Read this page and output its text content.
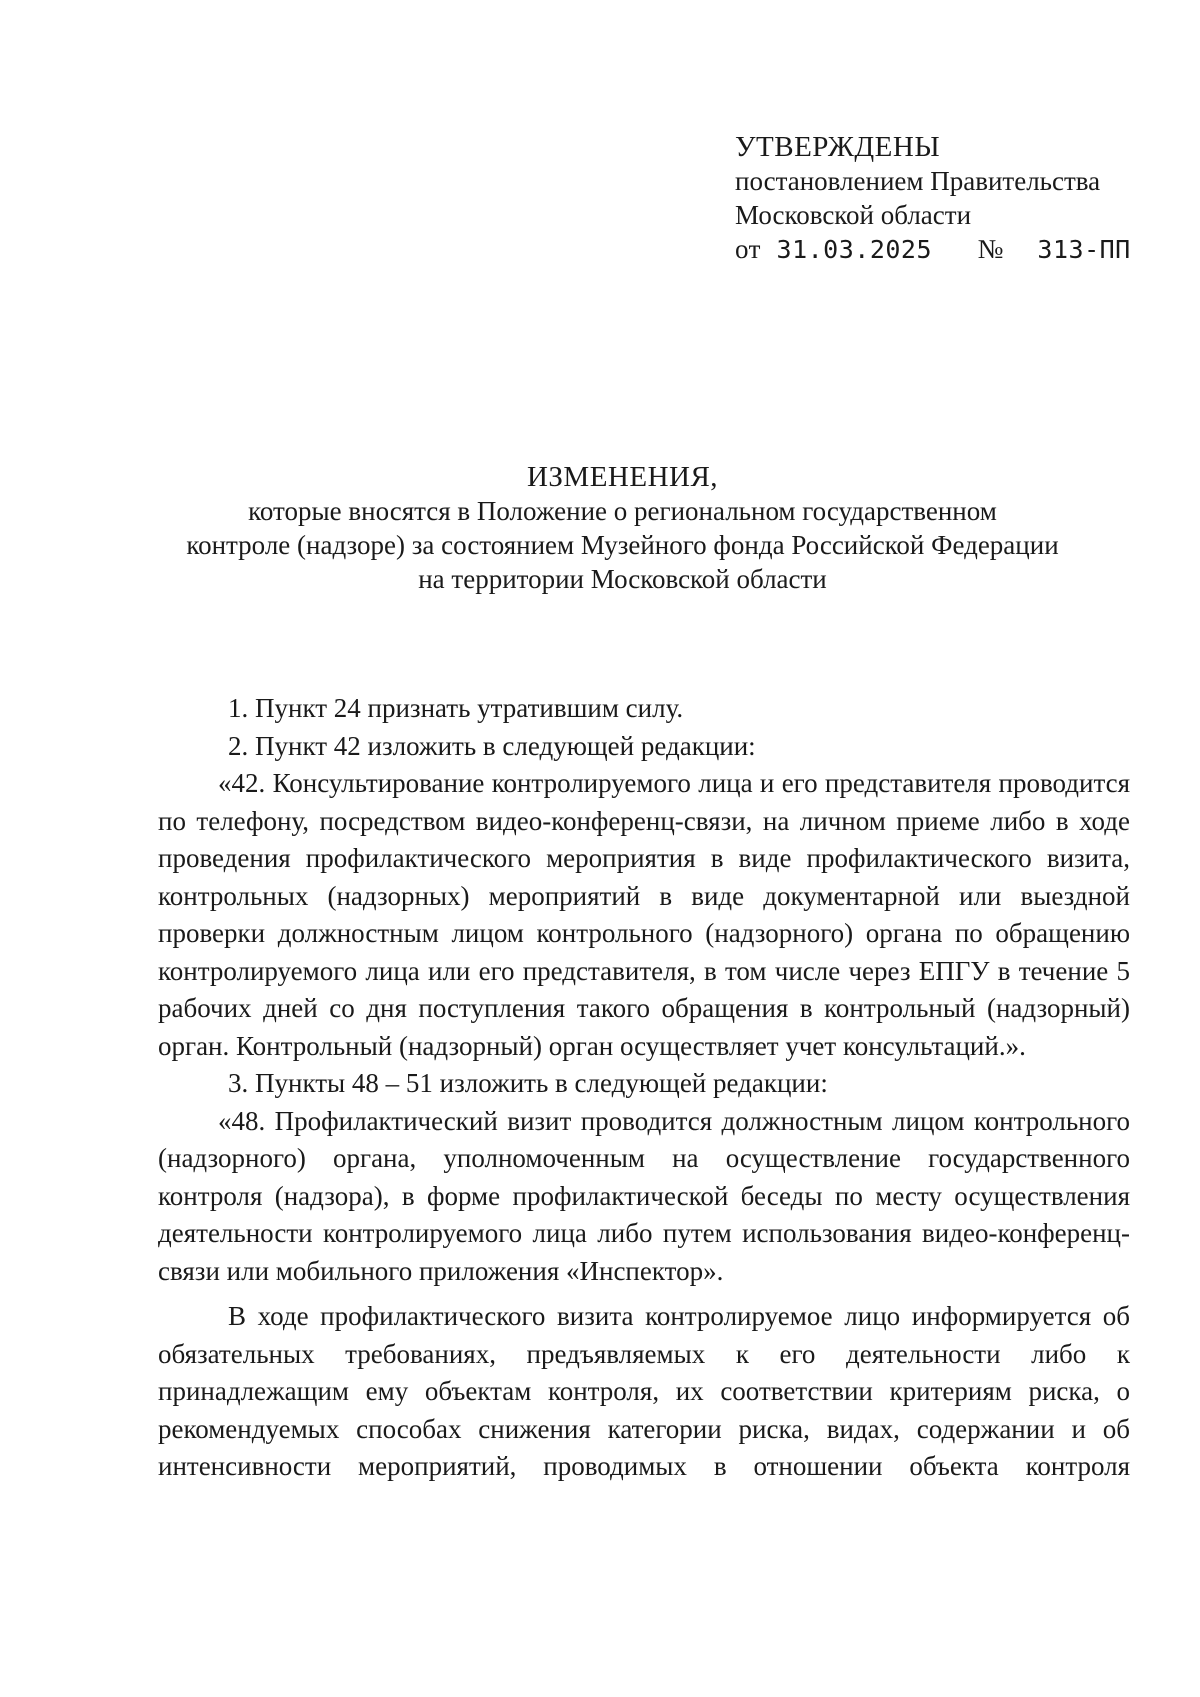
УТВЕРЖДЕНЫ
постановлением Правительства
Московской области
от 31.03.2025 № 313-ПП
ИЗМЕНЕНИЯ,
которые вносятся в Положение о региональном государственном
контроле (надзоре) за состоянием Музейного фонда Российской Федерации
на территории Московской области

1. Пункт 24 признать утратившим силу.

2. Пункт 42 изложить в следующей редакции:

«42. Консультирование контролируемого лица и его представителя проводится по телефону, посредством видео-конференц-связи, на личном приеме либо в ходе проведения профилактического мероприятия в виде профилактического визита, контрольных (надзорных) мероприятий в виде документарной или выездной проверки должностным лицом контрольного (надзорного) органа по обращению контролируемого лица или его представителя, в том числе через ЕПГУ в течение 5 рабочих дней со дня поступления такого обращения в контрольный (надзорный) орган. Контрольный (надзорный) орган осуществляет учет консультаций.».

3. Пункты 48 – 51 изложить в следующей редакции:

«48. Профилактический визит проводится должностным лицом контрольного (надзорного) органа, уполномоченным на осуществление государственного контроля (надзора), в форме профилактической беседы по месту осуществления деятельности контролируемого лица либо путем использования видео-конференц-связи или мобильного приложения «Инспектор».

В ходе профилактического визита контролируемое лицо информируется об обязательных требованиях, предъявляемых к его деятельности либо к принадлежащим ему объектам контроля, их соответствии критериям риска, о рекомендуемых способах снижения категории риска, видах, содержании и об интенсивности мероприятий, проводимых в отношении объекта контроля
